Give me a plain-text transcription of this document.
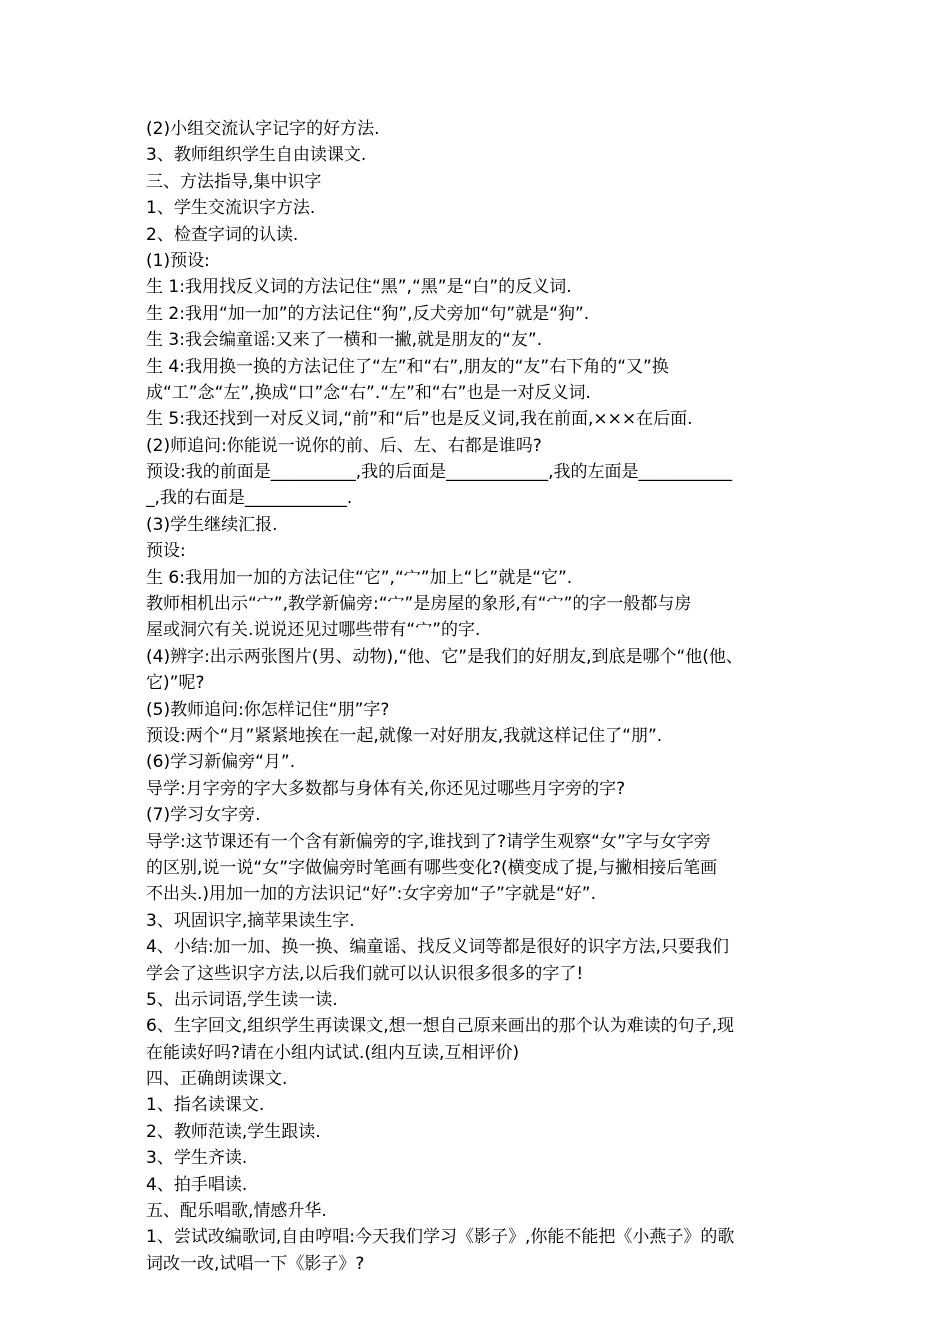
(2)小组交流认字记字的好方法.
3、教师组织学生自由读课文.
三、方法指导,集中识字
1、学生交流识字方法.
2、检查字词的认读.
(1)预设:
生 1:我用找反义词的方法记住“黑”,“黑”是“白”的反义词.
生 2:我用“加一加”的方法记住“狗”,反犬旁加“句”就是“狗”.
生 3:我会编童谣:又来了一横和一撇,就是朋友的“友”.
生 4:我用换一换的方法记住了“左”和“右”,朋友的“友”右下角的“又”换
成“工”念“左”,换成“口”念“右”.“左”和“右”也是一对反义词.
生 5:我还找到一对反义词,“前”和“后”也是反义词,我在前面,×××在后面.
(2)师追问:你能说一说你的前、后、左、右都是谁吗?
预设:我的前面是__________,我的后面是____________,我的左面是___________
_,我的右面是____________.
(3)学生继续汇报.
预设:
生 6:我用加一加的方法记住“它”,“宀”加上“匕”就是“它”.
教师相机出示“宀”,教学新偏旁:“宀”是房屋的象形,有“宀”的字一般都与房
屋或洞穴有关.说说还见过哪些带有“宀”的字.
(4)辨字:出示两张图片(男、动物),“他、它”是我们的好朋友,到底是哪个“他(他、
它)”呢?
(5)教师追问:你怎样记住“朋”字?
预设:两个“月”紧紧地挨在一起,就像一对好朋友,我就这样记住了“朋”.
(6)学习新偏旁“月”.
导学:月字旁的字大多数都与身体有关,你还见过哪些月字旁的字?
(7)学习女字旁.
导学:这节课还有一个含有新偏旁的字,谁找到了?请学生观察“女”字与女字旁
的区别,说一说“女”字做偏旁时笔画有哪些变化?(横变成了提,与撇相接后笔画
不出头.)用加一加的方法识记“好”:女字旁加“子”字就是“好”.
3、巩固识字,摘苹果读生字.
4、小结:加一加、换一换、编童谣、找反义词等都是很好的识字方法,只要我们
学会了这些识字方法,以后我们就可以认识很多很多的字了!
5、出示词语,学生读一读.
6、生字回文,组织学生再读课文,想一想自己原来画出的那个认为难读的句子,现
在能读好吗?请在小组内试试.(组内互读,互相评价)
四、正确朗读课文.
1、指名读课文.
2、教师范读,学生跟读.
3、学生齐读.
4、拍手唱读.
五、配乐唱歌,情感升华.
1、尝试改编歌词,自由哼唱:今天我们学习《影子》,你能不能把《小燕子》的歌
词改一改,试唱一下《影子》?
